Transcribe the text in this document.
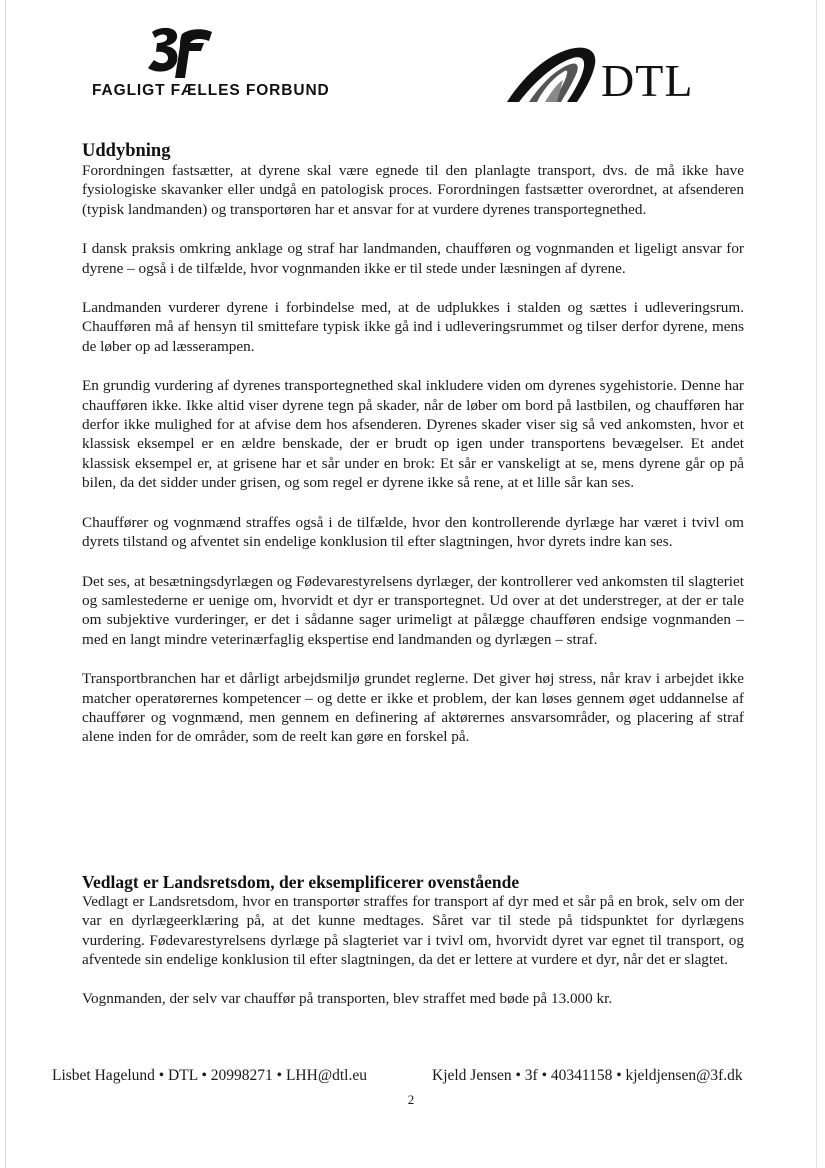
FAGLIGT FÆLLES FORBUND	DTL
Uddybning

Forordningen fastsætter, at dyrene skal være egnede til den planlagte transport, dvs. de må ikke have fysiologiske skavanker eller undgå en patologisk proces. Forordningen fastsætter overordnet, at afsenderen (typisk landmanden) og transportøren har et ansvar for at vurdere dyrenes transportegnethed.

I dansk praksis omkring anklage og straf har landmanden, chaufføren og vognmanden et ligeligt ansvar for dyrene – også i de tilfælde, hvor vognmanden ikke er til stede under læsningen af dyrene.

Landmanden vurderer dyrene i forbindelse med, at de udplukkes i stalden og sættes i udleveringsrum. Chaufføren må af hensyn til smittefare typisk ikke gå ind i udleveringsrummet og tilser derfor dyrene, mens de løber op ad læsserampen.

En grundig vurdering af dyrenes transportegnethed skal inkludere viden om dyrenes sygehistorie. Denne har chaufføren ikke. Ikke altid viser dyrene tegn på skader, når de løber om bord på lastbilen, og chaufføren har derfor ikke mulighed for at afvise dem hos afsenderen. Dyrenes skader viser sig så ved ankomsten, hvor et klassisk eksempel er en ældre benskade, der er brudt op igen under transportens bevægelser. Et andet klassisk eksempel er, at grisene har et sår under en brok: Et sår er vanskeligt at se, mens dyrene går op på bilen, da det sidder under grisen, og som regel er dyrene ikke så rene, at et lille sår kan ses.

Chauffører og vognmænd straffes også i de tilfælde, hvor den kontrollerende dyrlæge har været i tvivl om dyrets tilstand og afventet sin endelige konklusion til efter slagtningen, hvor dyrets indre kan ses.

Det ses, at besætningsdyrlægen og Fødevarestyrelsens dyrlæger, der kontrollerer ved ankomsten til slagteriet og samlestederne er uenige om, hvorvidt et dyr er transportegnet. Ud over at det understreger, at der er tale om subjektive vurderinger, er det i sådanne sager urimeligt at pålægge chaufføren endsige vognmanden – med en langt mindre veterinærfaglig ekspertise end landmanden og dyrlægen – straf.

Transportbranchen har et dårligt arbejdsmiljø grundet reglerne. Det giver høj stress, når krav i arbejdet ikke matcher operatørernes kompetencer – og dette er ikke et problem, der kan løses gennem øget uddannelse af chauffører og vognmænd, men gennem en definering af aktørernes ansvarsområder, og placering af straf alene inden for de områder, som de reelt kan gøre en forskel på.

Vedlagt er Landsretsdom, der eksemplificerer ovenstående

Vedlagt er Landsretsdom, hvor en transportør straffes for transport af dyr med et sår på en brok, selv om der var en dyrlægeerklæring på, at det kunne medtages. Såret var til stede på tidspunktet for dyrlægens vurdering. Fødevarestyrelsens dyrlæge på slagteriet var i tvivl om, hvorvidt dyret var egnet til transport, og afventede sin endelige konklusion til efter slagtningen, da det er lettere at vurdere et dyr, når det er slagtet.

Vognmanden, der selv var chauffør på transporten, blev straffet med bøde på 13.000 kr.

Lisbet Hagelund • DTL • 20998271 • LHH@dtl.eu	Kjeld Jensen • 3f • 40341158 • kjeldjensen@3f.dk
2
